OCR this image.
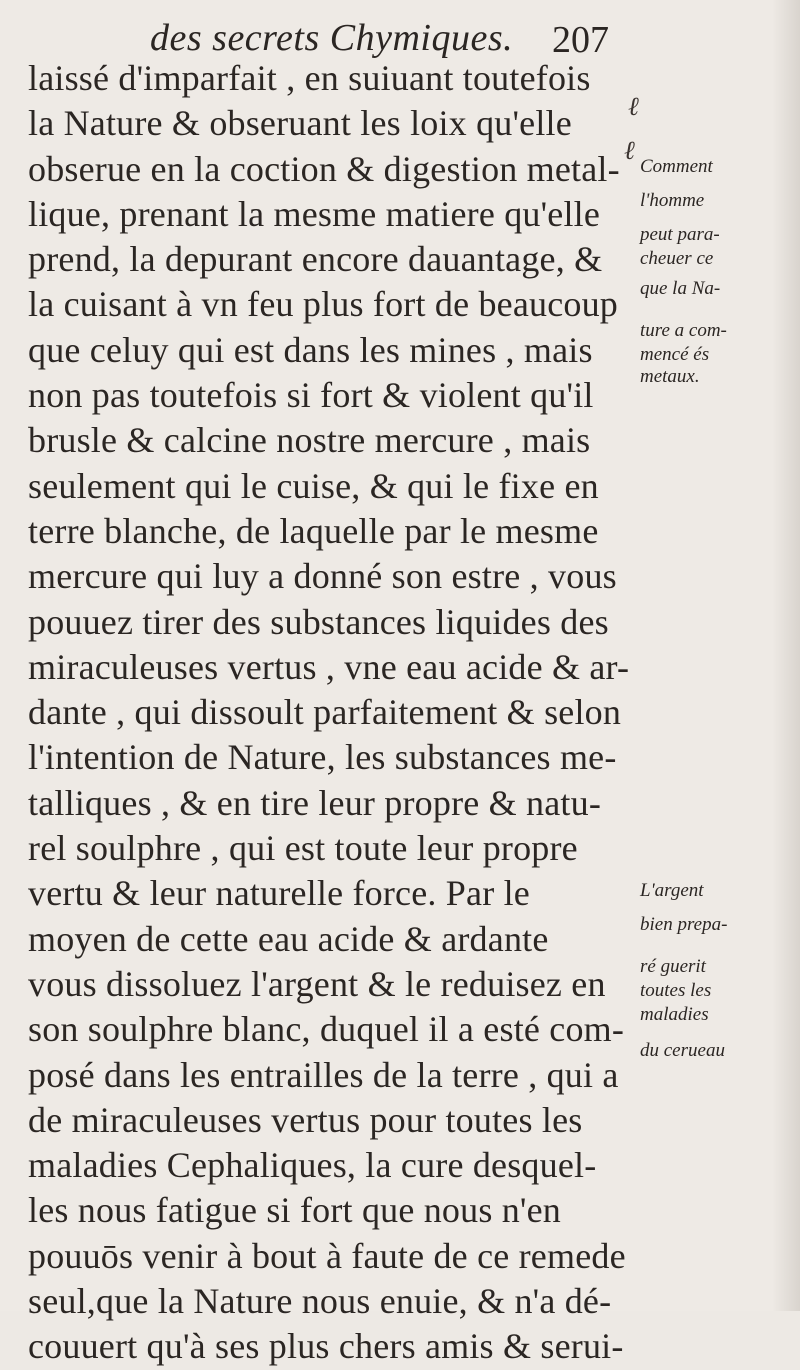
des secrets Chymiques. 207
laissé d'imparfait , en suiuant toutefois
la Nature & obseruant les loix qu'elle
obserue en la coction & digestion metal-
lique, prenant la mesme matiere qu'elle
prend, la depurant encore dauantage, &
la cuisant à vn feu plus fort de beaucoup
que celuy qui est dans les mines , mais
non pas toutefois si fort & violent qu'il
brusle & calcine nostre mercure , mais
seulement qui le cuise, & qui le fixe en
terre blanche, de laquelle par le mesme
mercure qui luy a donné son estre , vous
pouuez tirer des substances liquides des
miraculeuses vertus , vne eau acide & ar-
dante , qui dissoult parfaitement & selon
l'intention de Nature, les substances me-
talliques , & en tire leur propre & natu-
rel soulphre , qui est toute leur propre
vertu & leur naturelle force. Par le
moyen de cette eau acide & ardante
vous dissoluez l'argent & le reduisez en
son soulphre blanc, duquel il a esté com-
posé dans les entrailles de la terre , qui a
de miraculeuses vertus pour toutes les
maladies Cephaliques, la cure desquel-
les nous fatigue si fort que nous n'en
pouuōs venir à bout à faute de ce remede
seul,que la Nature nous enuie, & n'a dé-
couuert qu'à ses plus chers amis & serui-
ℓ
ℓ
Comment
l'homme
peut para-
cheuer ce
que la Na-
ture a com-
mencé és
metaux.
L'argent
bien prepa-
ré guerit
toutes les
maladies
du cerueau
